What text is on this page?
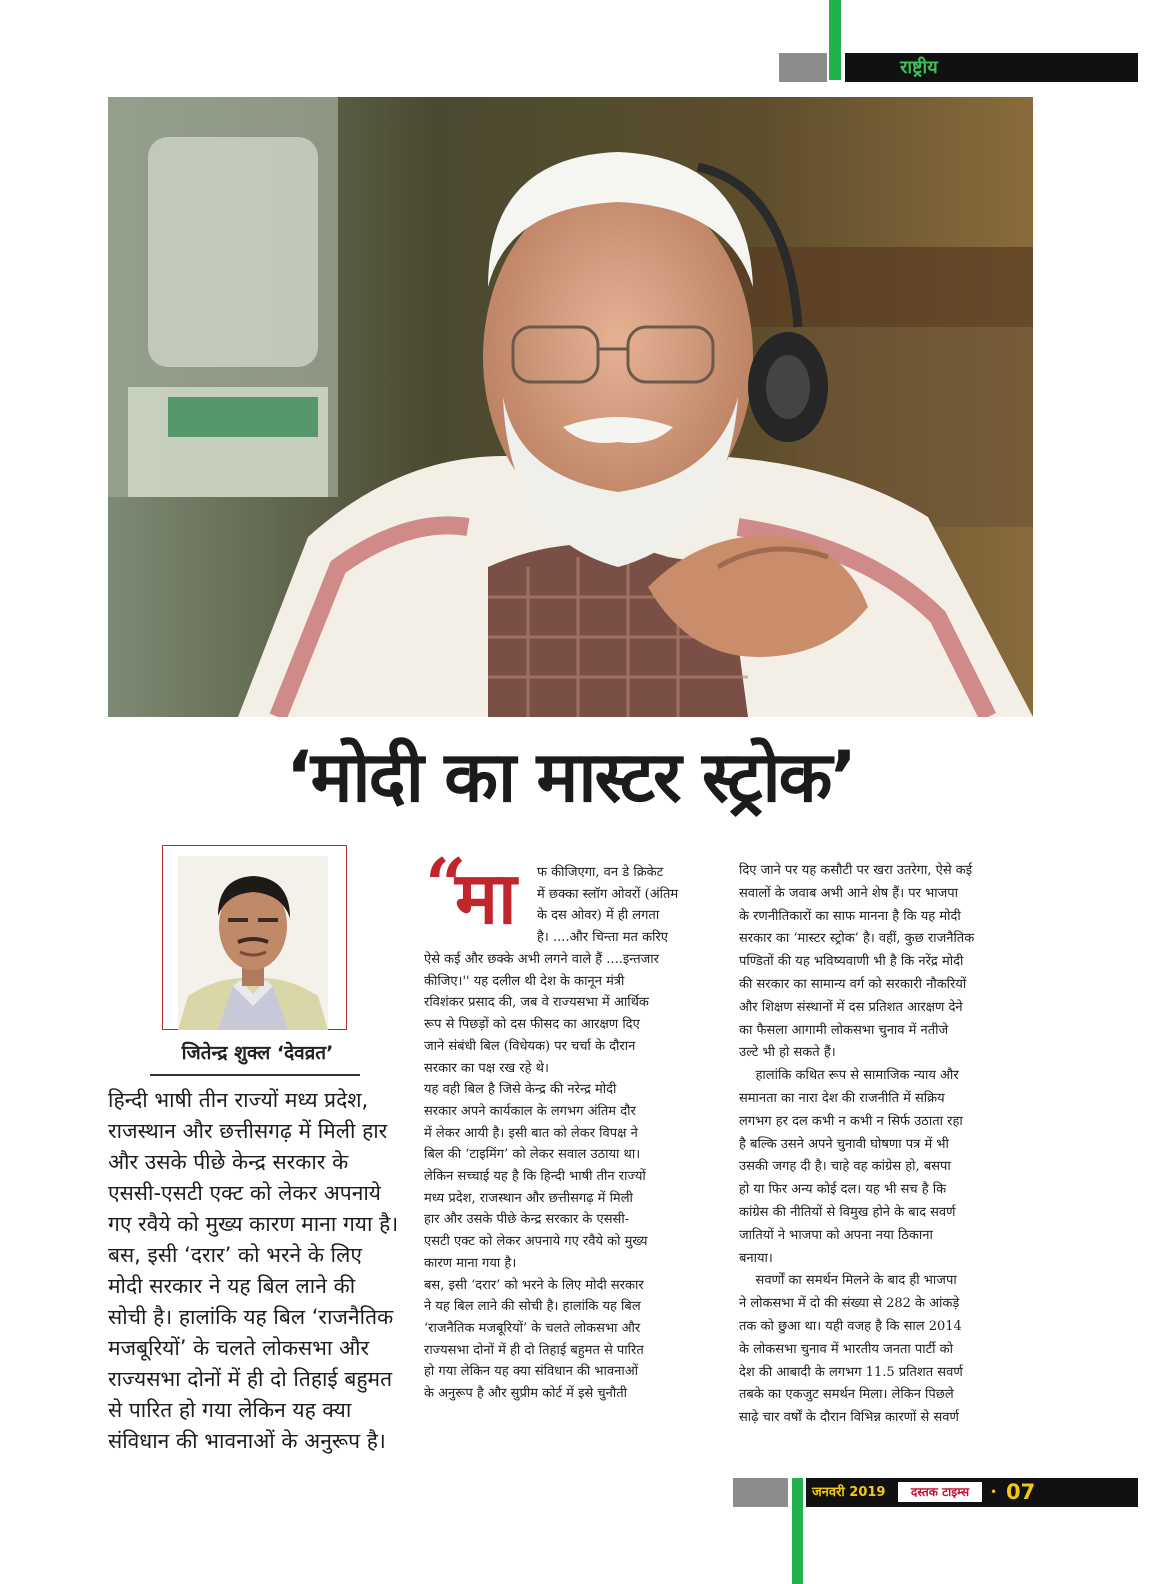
राष्ट्रीय
‘मोदी का मास्टर स्ट्रोक’
जितेन्द्र शुक्ल ‘देवव्रत’
हिन्दी भाषी तीन राज्यों मध्य प्रदेश,
राजस्थान और छत्तीसगढ़ में मिली हार
और उसके पीछे केन्द्र सरकार के
एससी-एसटी एक्ट को लेकर अपनाये
गए रवैये को मुख्य कारण माना गया है।
बस, इसी ‘दरार’ को भरने के लिए
मोदी सरकार ने यह बिल लाने की
सोची है। हालांकि यह बिल ‘राजनैतिक
मजबूरियों’ के चलते लोकसभा और
राज्यसभा दोनों में ही दो तिहाई बहुमत
से पारित हो गया लेकिन यह क्या
संविधान की भावनाओं के अनुरूप है।
“
मा फ कीजिएगा, वन डे क्रिकेट
में छक्का स्लॉग ओवरों (अंतिम
के दस ओवर) में ही लगता
है। ....और चिन्ता मत करिए
ऐसे कई और छक्के अभी लगने वाले हैं ....इन्तजार
कीजिए।'' यह दलील थी देश के कानून मंत्री
रविशंकर प्रसाद की, जब वे राज्यसभा में आर्थिक
रूप से पिछड़ों को दस फीसद का आरक्षण दिए
जाने संबंधी बिल (विधेयक) पर चर्चा के दौरान
सरकार का पक्ष रख रहे थे।
यह वही बिल है जिसे केन्द्र की नरेन्द्र मोदी
सरकार अपने कार्यकाल के लगभग अंतिम दौर
में लेकर आयी है। इसी बात को लेकर विपक्ष ने
बिल की ‘टाइमिंग’ को लेकर सवाल उठाया था।
लेकिन सच्चाई यह है कि हिन्दी भाषी तीन राज्यों
मध्य प्रदेश, राजस्थान और छत्तीसगढ़ में मिली
हार और उसके पीछे केन्द्र सरकार के एससी-
एसटी एक्ट को लेकर अपनाये गए रवैये को मुख्य
कारण माना गया है।
बस, इसी ‘दरार’ को भरने के लिए मोदी सरकार
ने यह बिल लाने की सोची है। हालांकि यह बिल
‘राजनैतिक मजबूरियों’ के चलते लोकसभा और
राज्यसभा दोनों में ही दो तिहाई बहुमत से पारित
हो गया लेकिन यह क्या संविधान की भावनाओं
के अनुरूप है और सुप्रीम कोर्ट में इसे चुनौती
दिए जाने पर यह कसौटी पर खरा उतरेगा, ऐसे कई
सवालों के जवाब अभी आने शेष हैं। पर भाजपा
के रणनीतिकारों का साफ मानना है कि यह मोदी
सरकार का ‘मास्टर स्ट्रोक’ है। वहीं, कुछ राजनैतिक
पण्डितों की यह भविष्यवाणी भी है कि नरेंद्र मोदी
की सरकार का सामान्य वर्ग को सरकारी नौकरियों
और शिक्षण संस्थानों में दस प्रतिशत आरक्षण देने
का फैसला आगामी लोकसभा चुनाव में नतीजे
उल्टे भी हो सकते हैं।
हालांकि कथित रूप से सामाजिक न्याय और
समानता का नारा देश की राजनीति में सक्रिय
लगभग हर दल कभी न कभी न सिर्फ उठाता रहा
है बल्कि उसने अपने चुनावी घोषणा पत्र में भी
उसकी जगह दी है। चाहे वह कांग्रेस हो, बसपा
हो या फिर अन्य कोई दल। यह भी सच है कि
कांग्रेस की नीतियों से विमुख होने के बाद सवर्ण
जातियों ने भाजपा को अपना नया ठिकाना
बनाया।
सवर्णों का समर्थन मिलने के बाद ही भाजपा
ने लोकसभा में दो की संख्या से 282 के आंकड़े
तक को छुआ था। यही वजह है कि साल 2014
के लोकसभा चुनाव में भारतीय जनता पार्टी को
देश की आबादी के लगभग 11.5 प्रतिशत सवर्ण
तबके का एकजुट समर्थन मिला। लेकिन पिछले
साढ़े चार वर्षों के दौरान विभिन्न कारणों से सवर्ण
जनवरी 2019	दस्तक टाइम्स	• 07
